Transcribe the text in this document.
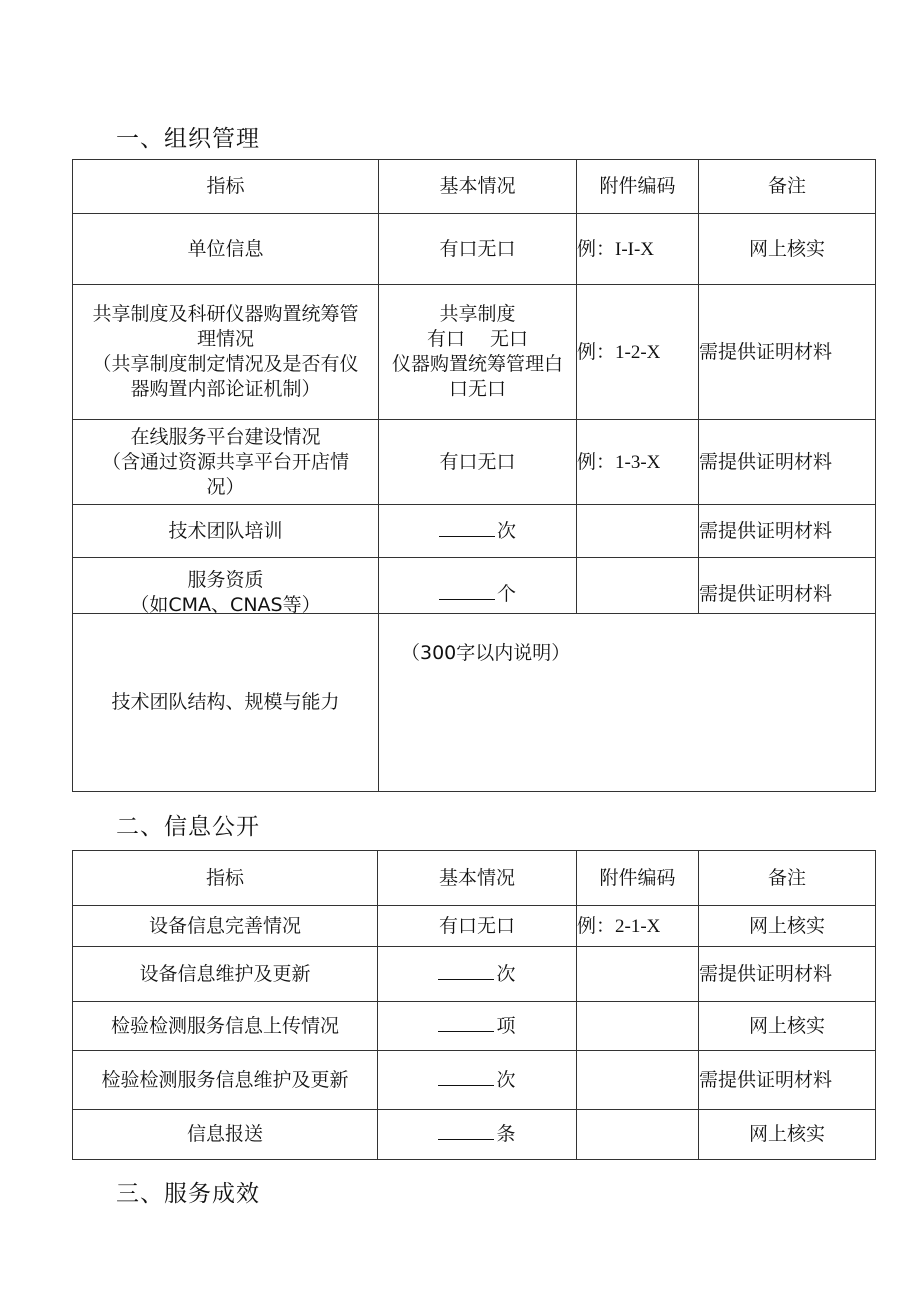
一、组织管理
指标	基本情况	附件编码	备注

单位信息	有口无口	例：I-I-X	网上核实

共享制度及科研仪器购置统筹管
理情况
（共享制度制定情况及是否有仪
器购置内部论证机制）	共享制度
有口　 无口
仪器购置统筹管理白
口无口	例：1-2-X	需提供证明材料

在线服务平台建设情况
（含通过资源共享平台开店情
况）	有口无口	例：1-3-X	需提供证明材料

技术团队培训	次		需提供证明材料

服务资质
（如CMA、CNAS等）	个		需提供证明材料
技术团队结构、规模与能力	（300字以内说明）		
二、信息公开
指标	基本情况	附件编码	备注
设备信息完善情况	有口无口	例：2-1-X	网上核实
设备信息维护及更新	次		需提供证明材料
检验检测服务信息上传情况	项		网上核实
检验检测服务信息维护及更新	次		需提供证明材料
信息报送	条		网上核实
三、服务成效
